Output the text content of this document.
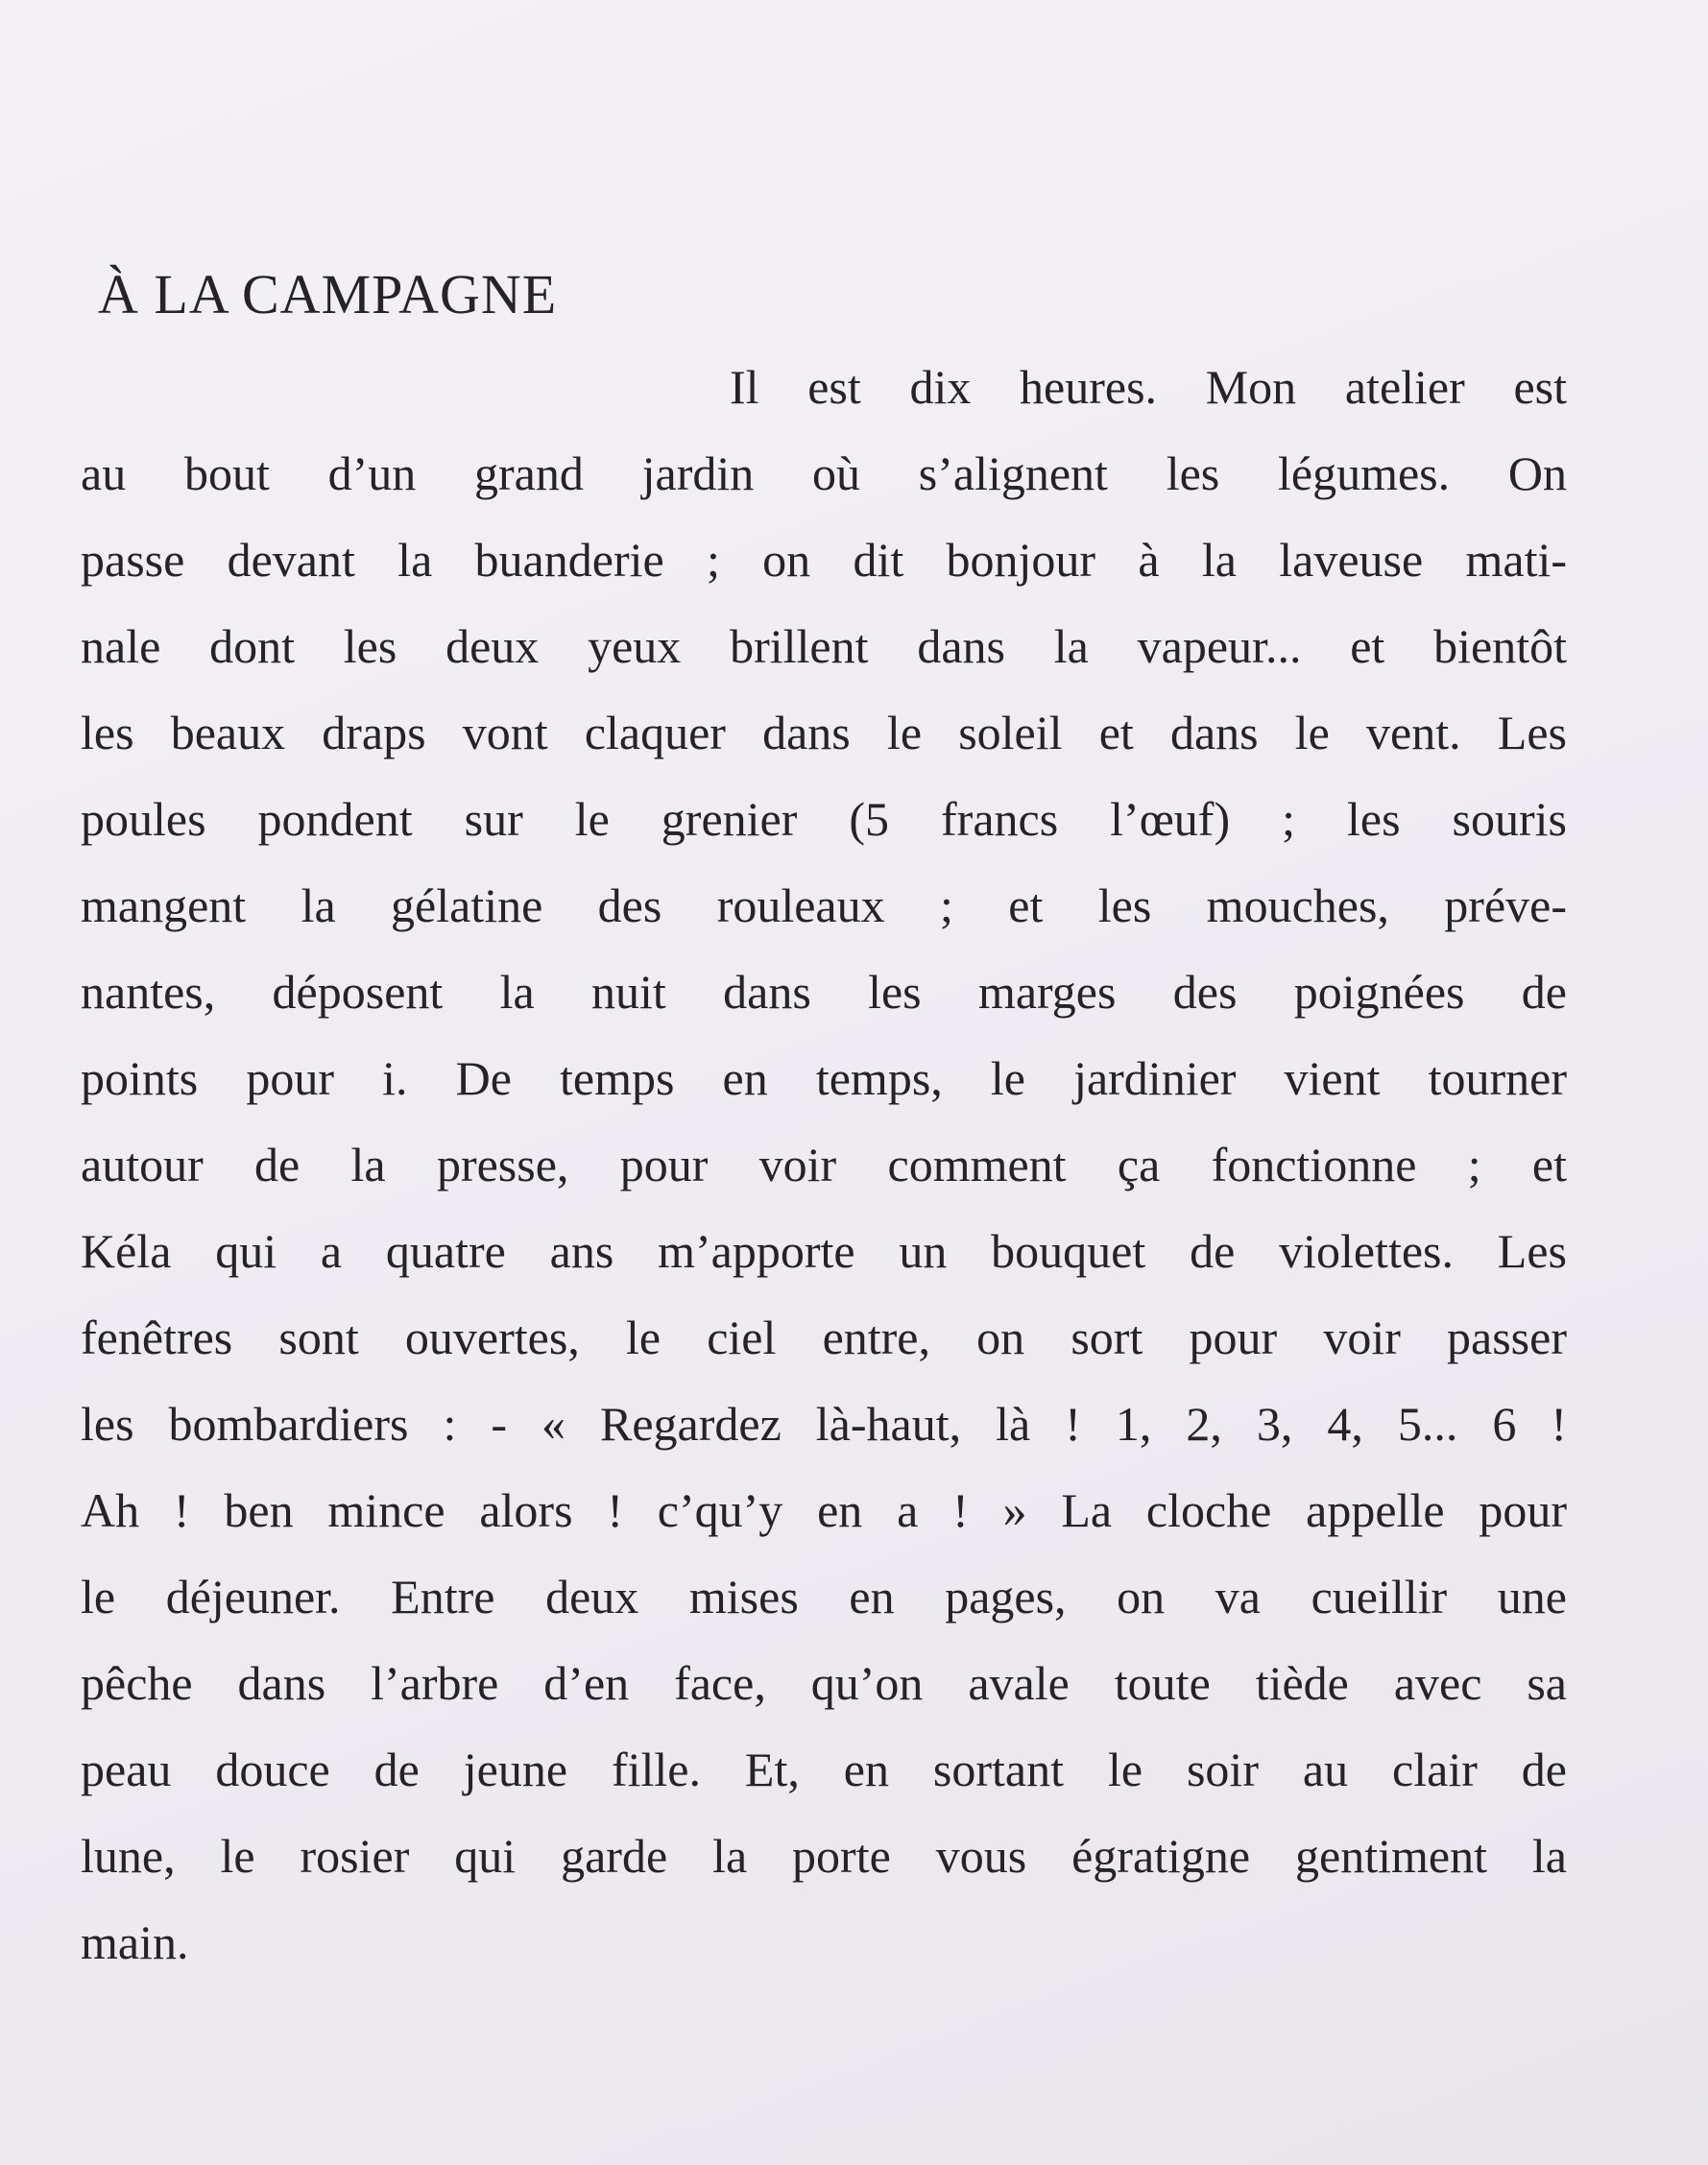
À LA CAMPAGNE
Il est dix heures. Mon atelier est
au bout d’un grand jardin où s’alignent les légumes. On
passe devant la buanderie ; on dit bonjour à la laveuse mati-
nale dont les deux yeux brillent dans la vapeur... et bientôt
les beaux draps vont claquer dans le soleil et dans le vent. Les
poules pondent sur le grenier (5 francs l’œuf) ; les souris
mangent la gélatine des rouleaux ; et les mouches, préve-
nantes, déposent la nuit dans les marges des poignées de
points pour i. De temps en temps, le jardinier vient tourner
autour de la presse, pour voir comment ça fonctionne ; et
Kéla qui a quatre ans m’apporte un bouquet de violettes. Les
fenêtres sont ouvertes, le ciel entre, on sort pour voir passer
les bombardiers : - « Regardez là-haut, là ! 1, 2, 3, 4, 5... 6 !
Ah ! ben mince alors ! c’qu’y en a ! » La cloche appelle pour
le déjeuner. Entre deux mises en pages, on va cueillir une
pêche dans l’arbre d’en face, qu’on avale toute tiède avec sa
peau douce de jeune fille. Et, en sortant le soir au clair de
lune, le rosier qui garde la porte vous égratigne gentiment la
main.
